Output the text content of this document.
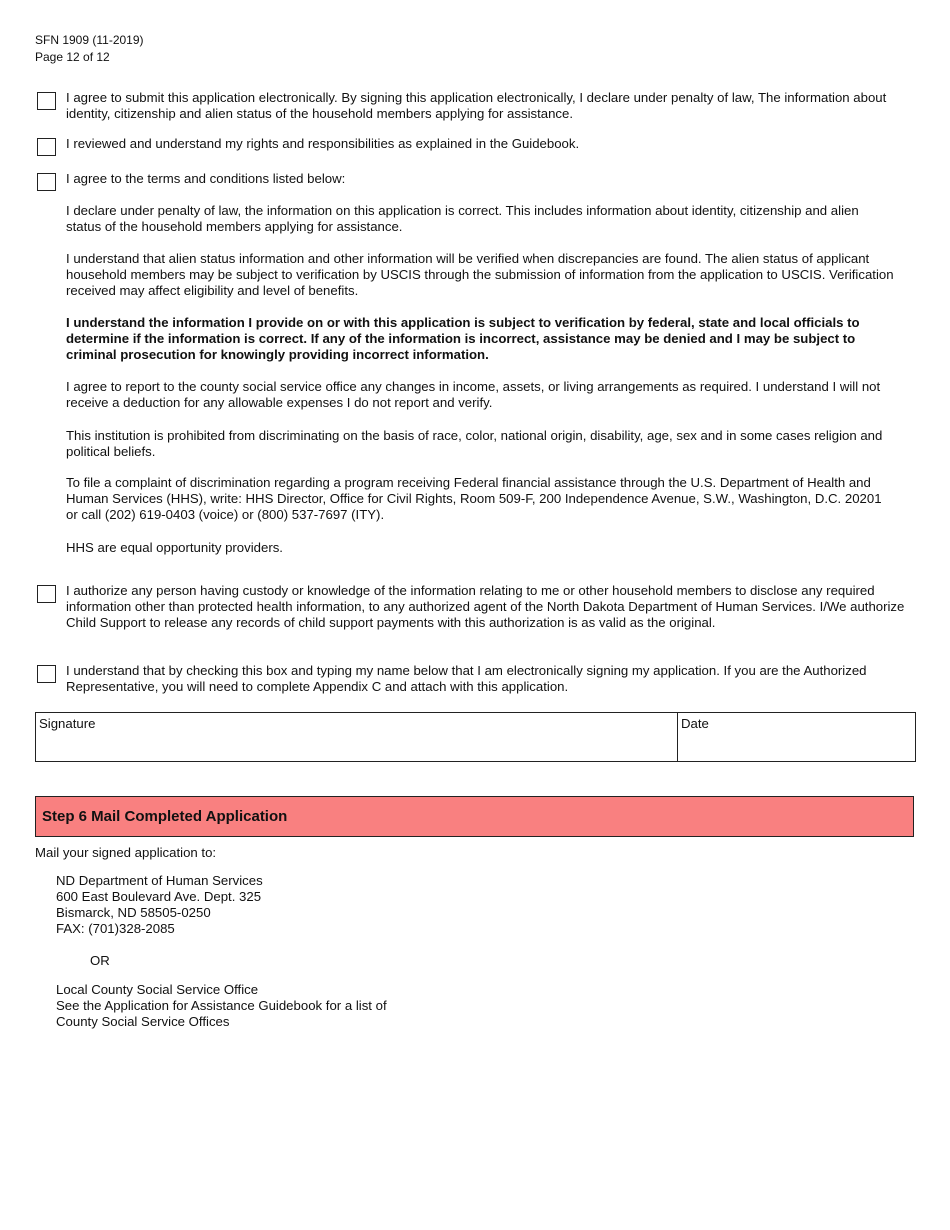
SFN 1909 (11-2019)
Page 12 of 12
I agree to submit this application electronically. By signing this application electronically, I declare under penalty of law, The information about identity, citizenship and alien status of the household members applying for assistance.
I reviewed and understand my rights and responsibilities as explained in the Guidebook.
I agree to the terms and conditions listed below:
I declare under penalty of law, the information on this application is correct. This includes information about identity, citizenship and alien status of the household members applying for assistance.
I understand that alien status information and other information will be verified when discrepancies are found. The alien status of applicant household members may be subject to verification by USCIS through the submission of information from the application to USCIS. Verification received may affect eligibility and level of benefits.
I understand the information I provide on or with this application is subject to verification by federal, state and local officials to determine if the information is correct. If any of the information is incorrect, assistance may be denied and I may be subject to criminal prosecution for knowingly providing incorrect information.
I agree to report to the county social service office any changes in income, assets, or living arrangements as required. I understand I will not receive a deduction for any allowable expenses I do not report and verify.
This institution is prohibited from discriminating on the basis of race, color, national origin, disability, age, sex and in some cases religion and political beliefs.
To file a complaint of discrimination regarding a program receiving Federal financial assistance through the U.S. Department of Health and Human Services (HHS), write: HHS Director, Office for Civil Rights, Room 509-F, 200 Independence Avenue, S.W., Washington, D.C. 20201 or call (202) 619-0403 (voice) or (800) 537-7697 (ITY).
HHS are equal opportunity providers.
I authorize any person having custody or knowledge of the information relating to me or other household members to disclose any required information other than protected health information, to any authorized agent of the North Dakota Department of Human Services. I/We authorize Child Support to release any records of child support payments with this authorization is as valid as the original.
I understand that by checking this box and typing my name below that I am electronically signing my application. If you are the Authorized Representative, you will need to complete Appendix C and attach with this application.
Signature	Date
Step 6 Mail Completed Application
Mail your signed application to:
ND Department of Human Services
600 East Boulevard Ave. Dept. 325
Bismarck, ND 58505-0250
FAX: (701)328-2085
OR
Local County Social Service Office
See the Application for Assistance Guidebook for a list of
County Social Service Offices
